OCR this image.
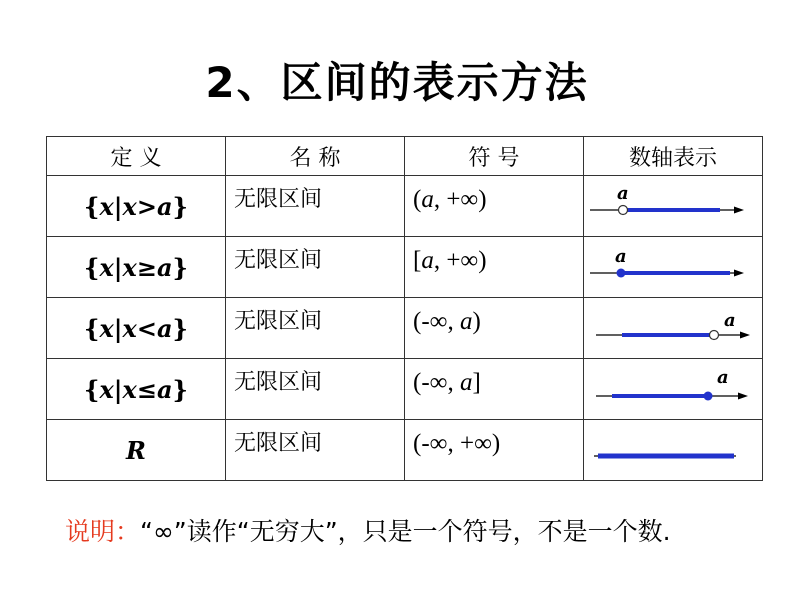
2、区间的表示方法
定 义	名 称	符 号	数轴表示
{x|x>a}	无限区间	(a, +∞)	a

{x|x≥a}	无限区间	[a, +∞)	a

{x|x<a}	无限区间	(-∞, a)	a

{x|x≤a}	无限区间	(-∞, a]	a

R	无限区间	(-∞, +∞)	
说明：“∞”读作“无穷大”，只是一个符号，不是一个数.
